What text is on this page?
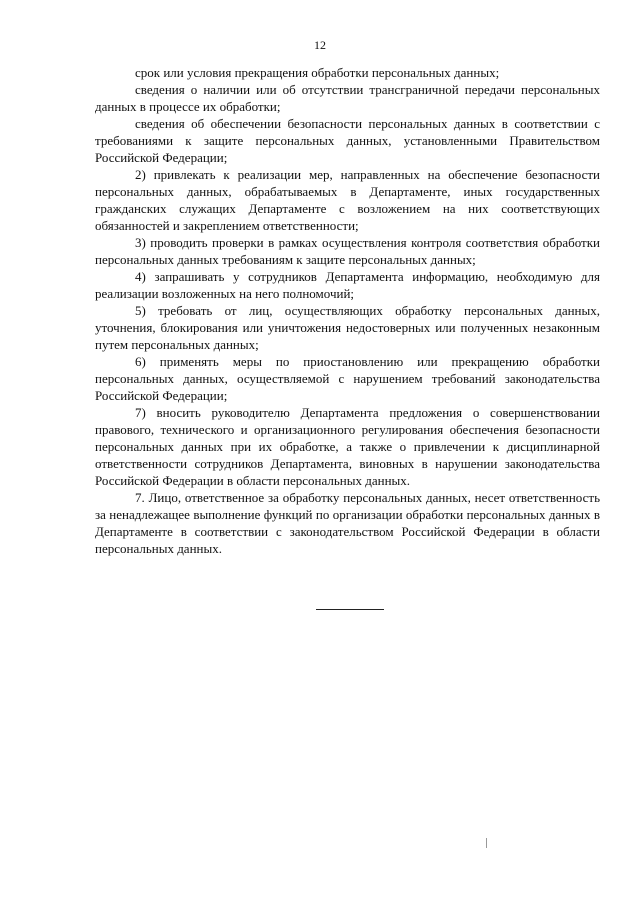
12

срок или условия прекращения обработки персональных данных;

сведения о наличии или об отсутствии трансграничной передачи персональных данных в процессе их обработки;

сведения об обеспечении безопасности персональных данных в соответствии с требованиями к защите персональных данных, установленными Правительством Российской Федерации;

2) привлекать к реализации мер, направленных на обеспечение безопасности персональных данных, обрабатываемых в Департаменте, иных государственных гражданских служащих Департаменте с возложением на них соответствующих обязанностей и закреплением ответственности;

3) проводить проверки в рамках осуществления контроля соответствия обработки персональных данных требованиям к защите персональных данных;

4) запрашивать у сотрудников Департамента информацию, необходимую для реализации возложенных на него полномочий;

5) требовать от лиц, осуществляющих обработку персональных данных, уточнения, блокирования или уничтожения недостоверных или полученных незаконным путем персональных данных;

6) применять меры по приостановлению или прекращению обработки персональных данных, осуществляемой с нарушением требований законодательства Российской Федерации;

7) вносить руководителю Департамента предложения о совершенствовании правового, технического и организационного регулирования обеспечения безопасности персональных данных при их обработке, а также о привлечении к дисциплинарной ответственности сотрудников Департамента, виновных в нарушении законодательства Российской Федерации в области персональных данных.

7. Лицо, ответственное за обработку персональных данных, несет ответственность за ненадлежащее выполнение функций по организации обработки персональных данных в Департаменте в соответствии с законодательством Российской Федерации в области персональных данных.
